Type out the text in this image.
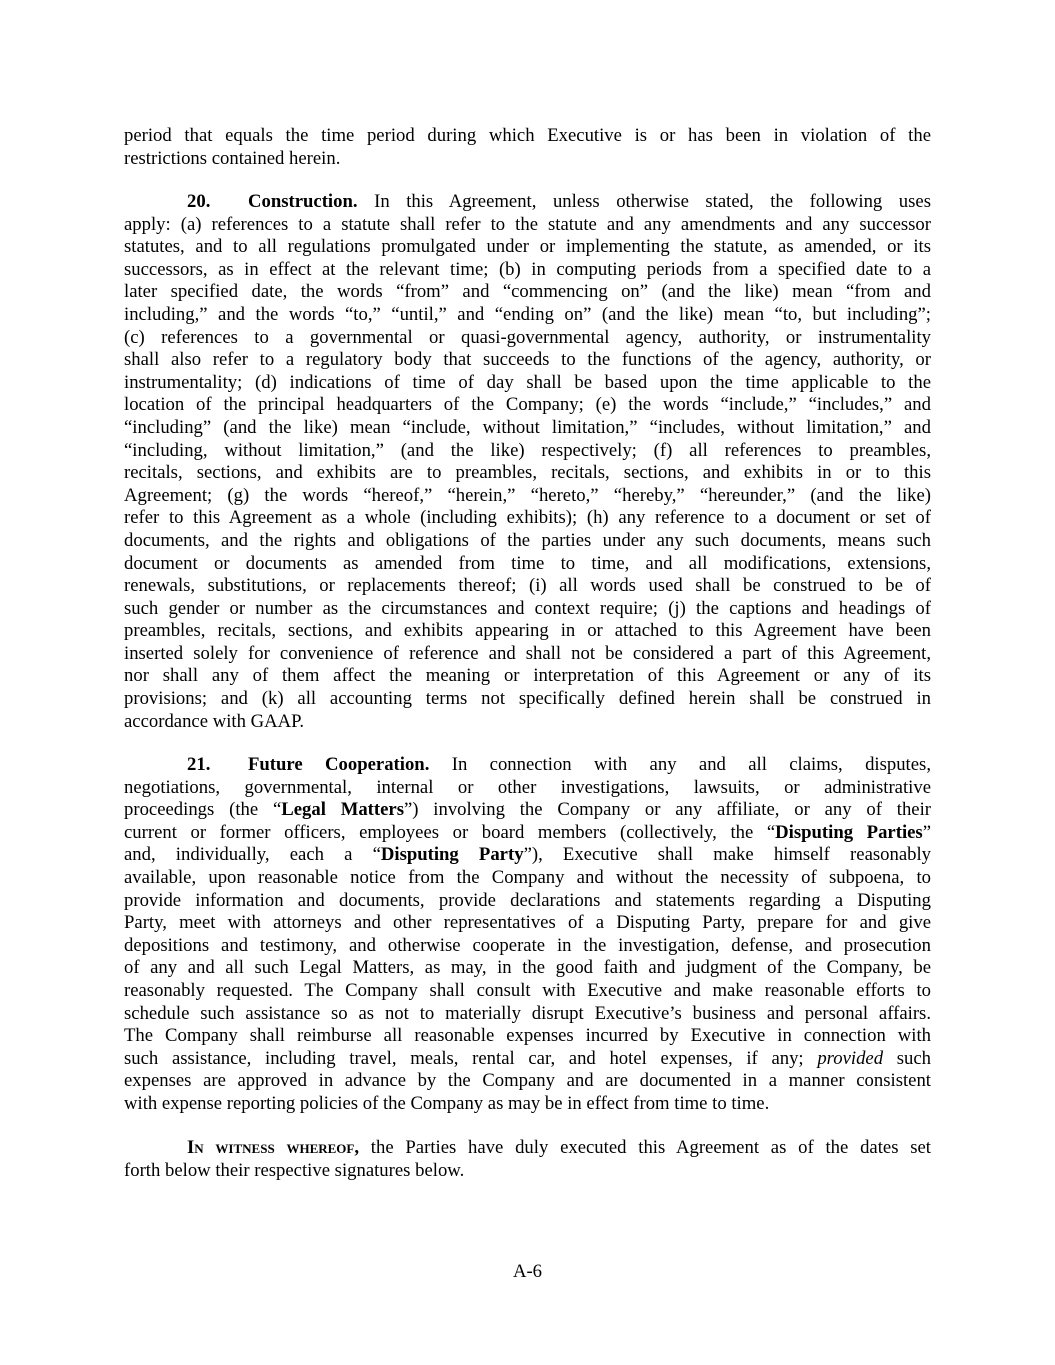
period that equals the time period during which Executive is or has been in violation of the
restrictions contained herein.
20. Construction. In this Agreement, unless otherwise stated, the following uses
apply: (a) references to a statute shall refer to the statute and any amendments and any successor
statutes, and to all regulations promulgated under or implementing the statute, as amended, or its
successors, as in effect at the relevant time; (b) in computing periods from a specified date to a
later specified date, the words “from” and “commencing on” (and the like) mean “from and
including,” and the words “to,” “until,” and “ending on” (and the like) mean “to, but including”;
(c) references to a governmental or quasi-governmental agency, authority, or instrumentality
shall also refer to a regulatory body that succeeds to the functions of the agency, authority, or
instrumentality; (d) indications of time of day shall be based upon the time applicable to the
location of the principal headquarters of the Company; (e) the words “include,” “includes,” and
“including” (and the like) mean “include, without limitation,” “includes, without limitation,” and
“including, without limitation,” (and the like) respectively; (f) all references to preambles,
recitals, sections, and exhibits are to preambles, recitals, sections, and exhibits in or to this
Agreement; (g) the words “hereof,” “herein,” “hereto,” “hereby,” “hereunder,” (and the like)
refer to this Agreement as a whole (including exhibits); (h) any reference to a document or set of
documents, and the rights and obligations of the parties under any such documents, means such
document or documents as amended from time to time, and all modifications, extensions,
renewals, substitutions, or replacements thereof; (i) all words used shall be construed to be of
such gender or number as the circumstances and context require; (j) the captions and headings of
preambles, recitals, sections, and exhibits appearing in or attached to this Agreement have been
inserted solely for convenience of reference and shall not be considered a part of this Agreement,
nor shall any of them affect the meaning or interpretation of this Agreement or any of its
provisions; and (k) all accounting terms not specifically defined herein shall be construed in
accordance with GAAP.
21. Future Cooperation. In connection with any and all claims, disputes,
negotiations, governmental, internal or other investigations, lawsuits, or administrative
proceedings (the “Legal Matters”) involving the Company or any affiliate, or any of their
current or former officers, employees or board members (collectively, the “Disputing Parties”
and, individually, each a “Disputing Party”), Executive shall make himself reasonably
available, upon reasonable notice from the Company and without the necessity of subpoena, to
provide information and documents, provide declarations and statements regarding a Disputing
Party, meet with attorneys and other representatives of a Disputing Party, prepare for and give
depositions and testimony, and otherwise cooperate in the investigation, defense, and prosecution
of any and all such Legal Matters, as may, in the good faith and judgment of the Company, be
reasonably requested. The Company shall consult with Executive and make reasonable efforts to
schedule such assistance so as not to materially disrupt Executive’s business and personal affairs.
The Company shall reimburse all reasonable expenses incurred by Executive in connection with
such assistance, including travel, meals, rental car, and hotel expenses, if any; provided such
expenses are approved in advance by the Company and are documented in a manner consistent
with expense reporting policies of the Company as may be in effect from time to time.
In witness whereof, the Parties have duly executed this Agreement as of the dates set
forth below their respective signatures below.
A-6
